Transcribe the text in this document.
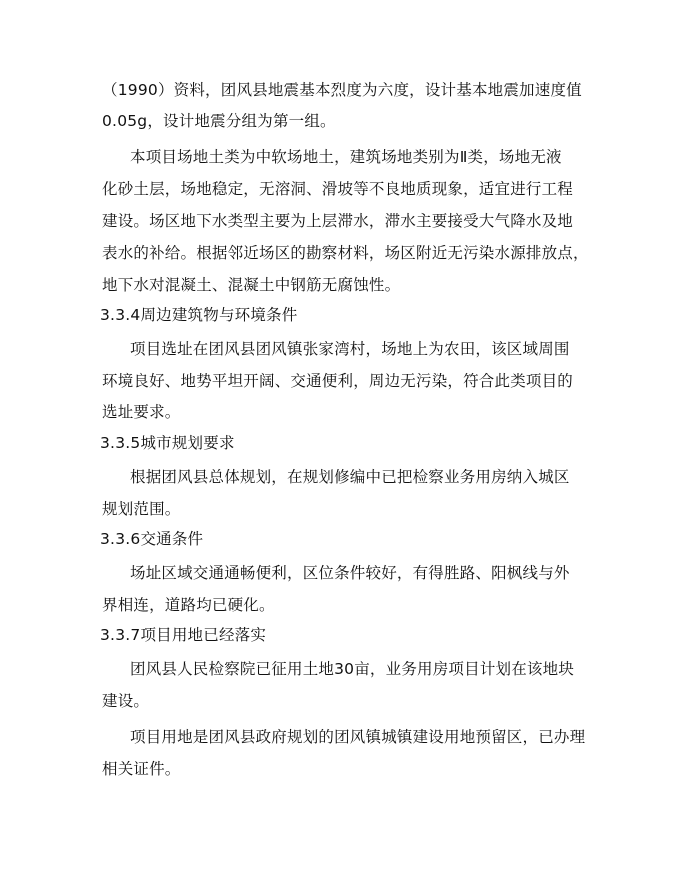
（1990）资料，团风县地震基本烈度为六度，设计基本地震加速度值
0.05g，设计地震分组为第一组。
本项目场地土类为中软场地土，建筑场地类别为Ⅱ类，场地无液
化砂土层，场地稳定，无溶洞、滑坡等不良地质现象，适宜进行工程
建设。场区地下水类型主要为上层滞水，滞水主要接受大气降水及地
表水的补给。根据邻近场区的勘察材料，场区附近无污染水源排放点，
地下水对混凝土、混凝土中钢筋无腐蚀性。
3.3.4周边建筑物与环境条件
项目选址在团风县团风镇张家湾村，场地上为农田，该区域周围
环境良好、地势平坦开阔、交通便利，周边无污染，符合此类项目的
选址要求。
3.3.5城市规划要求
根据团风县总体规划，在规划修编中已把检察业务用房纳入城区
规划范围。
3.3.6交通条件
场址区域交通通畅便利，区位条件较好，有得胜路、阳枫线与外
界相连，道路均已硬化。
3.3.7项目用地已经落实
团风县人民检察院已征用土地30亩，业务用房项目计划在该地块
建设。
项目用地是团风县政府规划的团风镇城镇建设用地预留区，已办理
相关证件。
